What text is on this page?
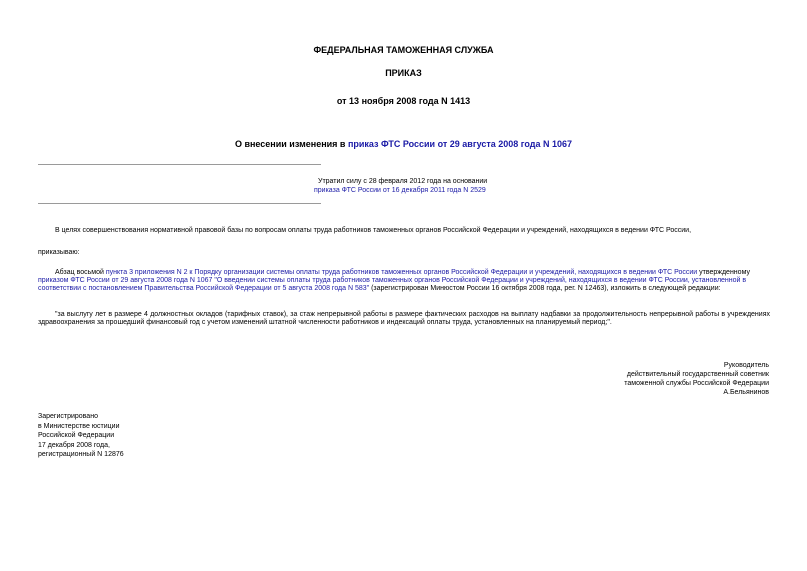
ФЕДЕРАЛЬНАЯ ТАМОЖЕННАЯ СЛУЖБА
ПРИКАЗ
от 13 ноября 2008 года N 1413
О внесении изменения в приказ ФТС России от 29 августа 2008 года N 1067
Утратил силу с 28 февраля 2012 года на основании
приказа ФТС России от 16 декабря 2011 года N 2529

В целях совершенствования нормативной правовой базы по вопросам оплаты труда работников таможенных органов Российской Федерации и учреждений, находящихся в ведении ФТС России,

приказываю:

Абзац восьмой пункта 3 приложения N 2 к Порядку организации системы оплаты труда работников таможенных органов Российской Федерации и учреждений, находящихся в ведении ФТС России утвержденному приказом ФТС России от 29 августа 2008 года N 1067 "О введении системы оплаты труда работников таможенных органов Российской Федерации и учреждений, находящихся в ведении ФТС России, установленной в соответствии с постановлением Правительства Российской Федерации от 5 августа 2008 года N 583" (зарегистрирован Минюстом России 16 октября 2008 года, рег. N 12463), изложить в следующей редакции:

"за выслугу лет в размере 4 должностных окладов (тарифных ставок), за стаж непрерывной работы в размере фактических расходов на выплату надбавки за продолжительность непрерывной работы в учреждениях здравоохранения за прошедший финансовый год с учетом изменений штатной численности работников и индексаций оплаты труда, установленных на планируемый период;".

Руководитель
действительный государственный советник
таможенной службы Российской Федерации
А.Бельянинов
Зарегистрировано
в Министерстве юстиции
Российской Федерации
17 декабря 2008 года,
регистрационный N 12876
